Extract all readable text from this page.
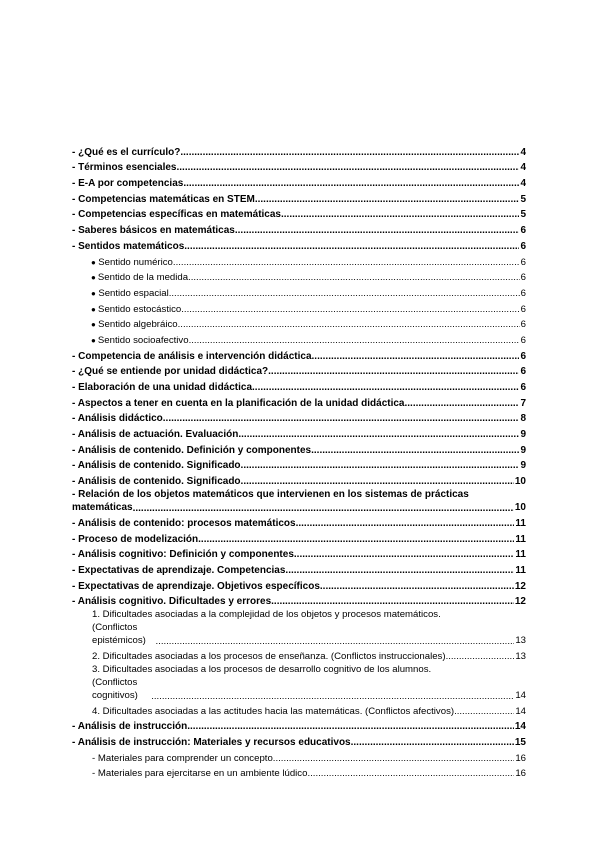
- ¿Qué es el currículo? .....	4
- Términos esenciales .....	4
- E-A por competencias .....	4
- Competencias matemáticas en STEM .....	5
- Competencias específicas en matemáticas .....	5
- Saberes básicos en matemáticas .....	6
- Sentidos matemáticos .....	6
● Sentido numérico .....	6
● Sentido de la medida .....	6
● Sentido espacial .....	6
● Sentido estocástico .....	6
● Sentido algebráico .....	6
● Sentido socioafectivo .....	6
- Competencia de análisis e intervención didáctica .....	6
- ¿Qué se entiende por unidad didáctica? .....	6
- Elaboración de una unidad didáctica .....	6
- Aspectos a tener en cuenta en la planificación de la unidad didáctica .....	7
- Análisis didáctico .....	8
- Análisis de actuación. Evaluación .....	9
- Análisis de contenido. Definición y componentes .....	9
- Análisis de contenido. Significado .....	9
- Análisis de contenido. Significado .....	10
- Relación de los objetos matemáticos que intervienen en los sistemas de prácticas
matemáticas .....	10
- Análisis de contenido: procesos matemáticos .....	11
- Proceso de modelización .....	11
- Análisis cognitivo: Definición y componentes .....	11
- Expectativas de aprendizaje. Competencias .....	11
- Expectativas de aprendizaje. Objetivos específicos .....	12
- Análisis cognitivo. Dificultades y errores .....	12
1. Dificultades asociadas a la complejidad de los objetos y procesos matemáticos.
(Conflictos epistémicos) .....	13
2. Dificultades asociadas a los procesos de enseñanza. (Conflictos instruccionales) .....	13
3. Dificultades asociadas a los procesos de desarrollo cognitivo de los alumnos.
(Conflictos cognitivos) .....	14
4. Dificultades asociadas a las actitudes hacia las matemáticas. (Conflictos afectivos) .....	14
- Análisis de instrucción .....	14
- Análisis de instrucción: Materiales y recursos educativos .....	15
- Materiales para comprender un concepto .....	16
- Materiales para ejercitarse en un ambiente lúdico .....	16
